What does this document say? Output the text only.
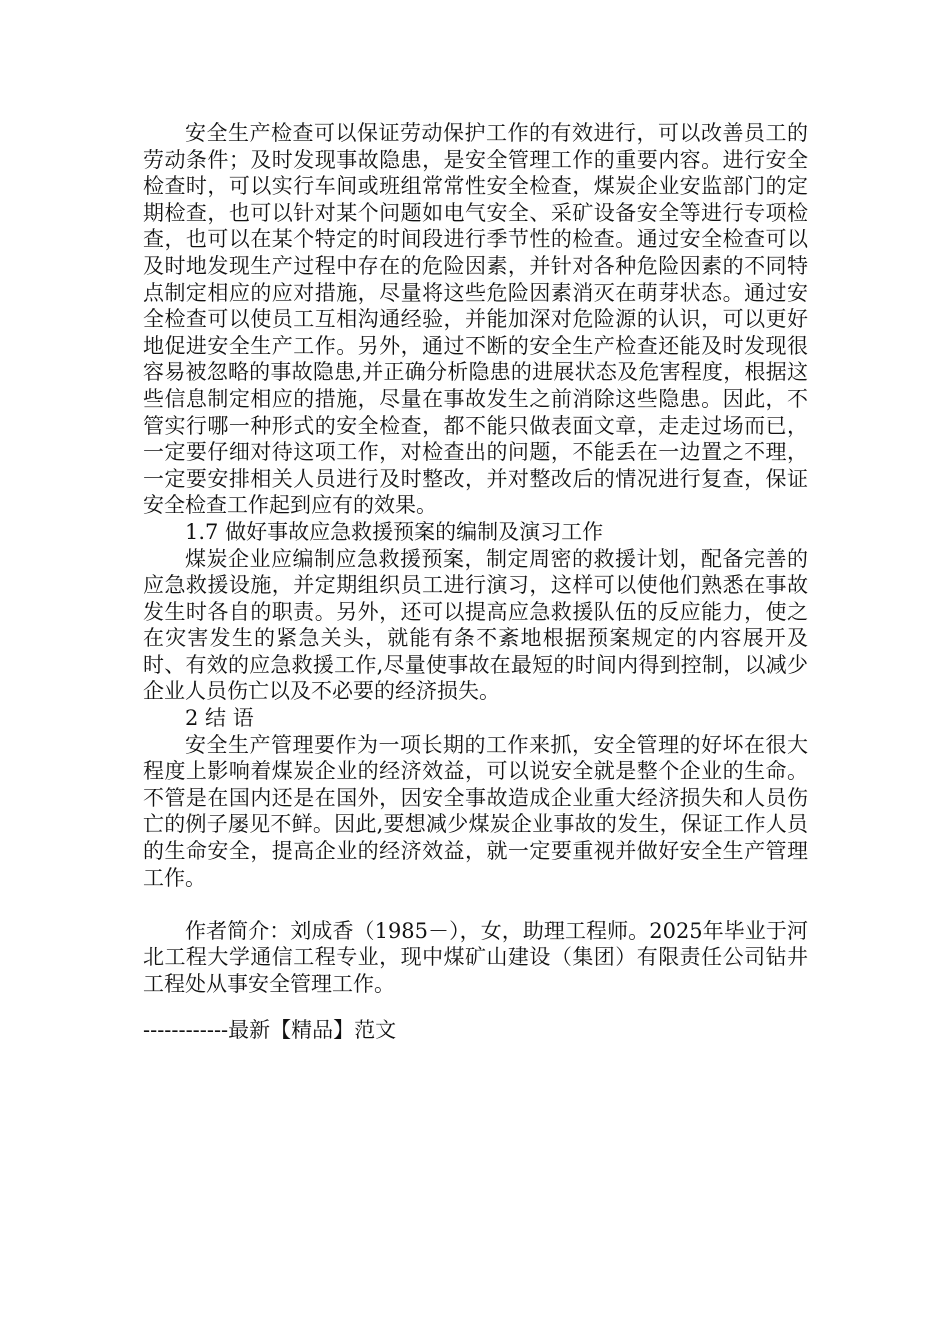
安全生产检查可以保证劳动保护工作的有效进行，可以改善员工的劳动条件；及时发现事故隐患，是安全管理工作的重要内容。进行安全检查时，可以实行车间或班组常常性安全检查，煤炭企业安监部门的定期检查，也可以针对某个问题如电气安全、采矿设备安全等进行专项检查，也可以在某个特定的时间段进行季节性的检查。通过安全检查可以及时地发现生产过程中存在的危险因素，并针对各种危险因素的不同特点制定相应的应对措施，尽量将这些危险因素消灭在萌芽状态。通过安全检查可以使员工互相沟通经验，并能加深对危险源的认识，可以更好地促进安全生产工作。另外，通过不断的安全生产检查还能及时发现很容易被忽略的事故隐患,并正确分析隐患的进展状态及危害程度，根据这些信息制定相应的措施，尽量在事故发生之前消除这些隐患。因此，不管实行哪一种形式的安全检查，都不能只做表面文章，走走过场而已，一定要仔细对待这项工作，对检查出的问题，不能丢在一边置之不理，一定要安排相关人员进行及时整改，并对整改后的情况进行复查，保证安全检查工作起到应有的效果。

1.7 做好事故应急救援预案的编制及演习工作

煤炭企业应编制应急救援预案，制定周密的救援计划，配备完善的应急救援设施，并定期组织员工进行演习，这样可以使他们熟悉在事故发生时各自的职责。另外，还可以提高应急救援队伍的反应能力，使之在灾害发生的紧急关头，就能有条不紊地根据预案规定的内容展开及时、有效的应急救援工作,尽量使事故在最短的时间内得到控制，以减少企业人员伤亡以及不必要的经济损失。

2 结 语

安全生产管理要作为一项长期的工作来抓，安全管理的好坏在很大程度上影响着煤炭企业的经济效益，可以说安全就是整个企业的生命。不管是在国内还是在国外，因安全事故造成企业重大经济损失和人员伤亡的例子屡见不鲜。因此,要想减少煤炭企业事故的发生，保证工作人员的生命安全，提高企业的经济效益，就一定要重视并做好安全生产管理工作。

作者简介：刘成香（1985－），女，助理工程师。2025年毕业于河北工程大学通信工程专业，现中煤矿山建设（集团）有限责任公司钻井工程处从事安全管理工作。

------------最新【精品】范文
